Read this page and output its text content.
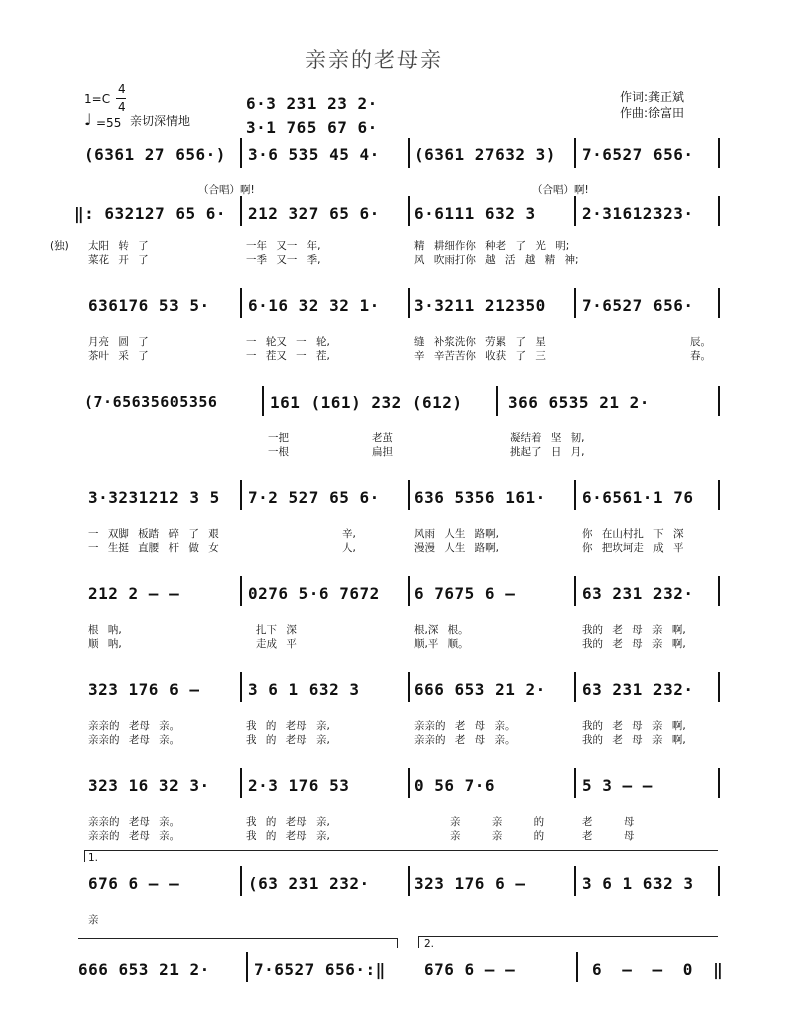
亲亲的老母亲
1=C
4
4
♩ =55 亲切深情地
作词:龚正斌
作曲:徐富田
6·3 231 23 2·
3·1 765 67 6·
(6361 27 656·) 3·6 535 45 4· (6361 27632 3) 7·6527 656·
（合唱）啊!	（合唱）啊!
‖: 632127 65 6· 212 327 65 6· 6·6111 632 3	2·31612323·
(独) 太阳 转 了	一年 又一 年,	精 耕细作你 种老 了 光 明;
菜花 开 了	一季 又一 季,	风 吹雨打你 越 活 越 精 神;
636176 53 5· 6·16 32 32 1· 3·3211 212350 7·6527 656·
月亮 圆 了	一 轮又 一 轮,	缝 补浆洗你 劳累 了 星	辰。
茶叶 采 了	一 茬又 一 茬,	辛 辛苦苦你 收获 了 三	春。
(7·65635605356	161 (161) 232 (612)	366 6535 21 2·
一把	老茧	凝结着 坚 韧,
一根	扁担	挑起了 日 月,
3·3231212 3 5 7·2 527 65 6· 636 5356 161· 6·6561·1 76
一 双脚 板踏 碎 了 艰	辛,	风雨 人生 路啊,	你 在山村扎 下 深
一 生挺 直腰 杆 做 女	人,	漫漫 人生 路啊,	你 把坎坷走 成 平
212 2 — —	0276 5·6 7672 6 7675 6 —	63 231 232·
根 呐,	扎下 深	根,深 根。	我的 老 母 亲 啊,
顺 呐,	走成 平	顺,平 顺。	我的 老 母 亲 啊,
323 176 6 —	3 6 1 632 3	666 653 21 2· 63 231 232·
亲亲的 老母 亲。	我 的 老母 亲,	亲亲的 老 母 亲。	我的 老 母 亲 啊,
亲亲的 老母 亲。	我 的 老母 亲,	亲亲的 老 母 亲。	我的 老 母 亲 啊,
323 16 32 3· 2·3 176 53	0 56 7·6	5 3 — —
亲亲的 老母 亲。	我 的 老母 亲,	亲 亲 的	老 母
亲亲的 老母 亲。	我 的 老母 亲,	亲 亲 的	老 母
1.
676 6 — —	(63 231 232·	323 176 6 —	3 6 1 632 3
亲
2.
666 653 21 2·	7·6527 656·:‖ 676 6 — —	6 — — 0 ‖
